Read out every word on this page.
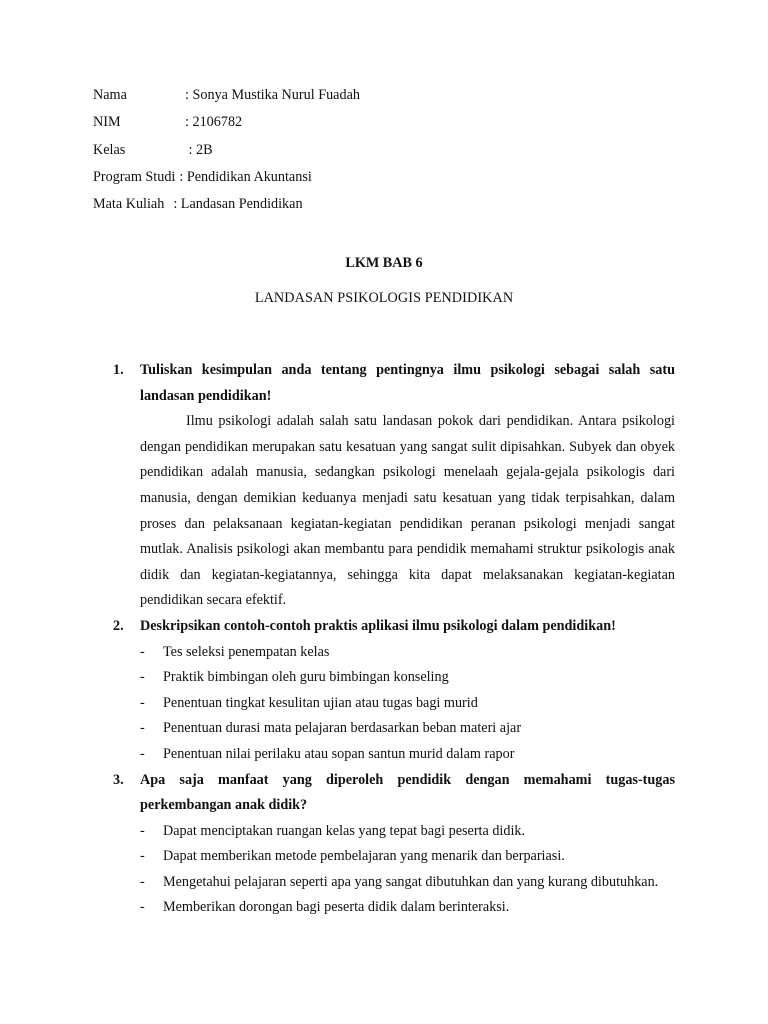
Nama	: Sonya Mustika Nurul Fuadah
NIM	: 2106782
Kelas	: 2B
Program Studi : Pendidikan Akuntansi
Mata Kuliah : Landasan Pendidikan
LKM BAB 6
LANDASAN PSIKOLOGIS PENDIDIKAN
1. Tuliskan kesimpulan anda tentang pentingnya ilmu psikologi sebagai salah satu landasan pendidikan!

Ilmu psikologi adalah salah satu landasan pokok dari pendidikan. Antara psikologi dengan pendidikan merupakan satu kesatuan yang sangat sulit dipisahkan. Subyek dan obyek pendidikan adalah manusia, sedangkan psikologi menelaah gejala-gejala psikologis dari manusia, dengan demikian keduanya menjadi satu kesatuan yang tidak terpisahkan, dalam proses dan pelaksanaan kegiatan-kegiatan pendidikan peranan psikologi menjadi sangat mutlak. Analisis psikologi akan membantu para pendidik memahami struktur psikologis anak didik dan kegiatan-kegiatannya, sehingga kita dapat melaksanakan kegiatan-kegiatan pendidikan secara efektif.

2. Deskripsikan contoh-contoh praktis aplikasi ilmu psikologi dalam pendidikan!
- Tes seleksi penempatan kelas
- Praktik bimbingan oleh guru bimbingan konseling
- Penentuan tingkat kesulitan ujian atau tugas bagi murid
- Penentuan durasi mata pelajaran berdasarkan beban materi ajar
- Penentuan nilai perilaku atau sopan santun murid dalam rapor
3. Apa saja manfaat yang diperoleh pendidik dengan memahami tugas-tugas perkembangan anak didik?
- Dapat menciptakan ruangan kelas yang tepat bagi peserta didik.
- Dapat memberikan metode pembelajaran yang menarik dan berpariasi.
- Mengetahui pelajaran seperti apa yang sangat dibutuhkan dan yang kurang dibutuhkan.
- Memberikan dorongan bagi peserta didik dalam berinteraksi.
